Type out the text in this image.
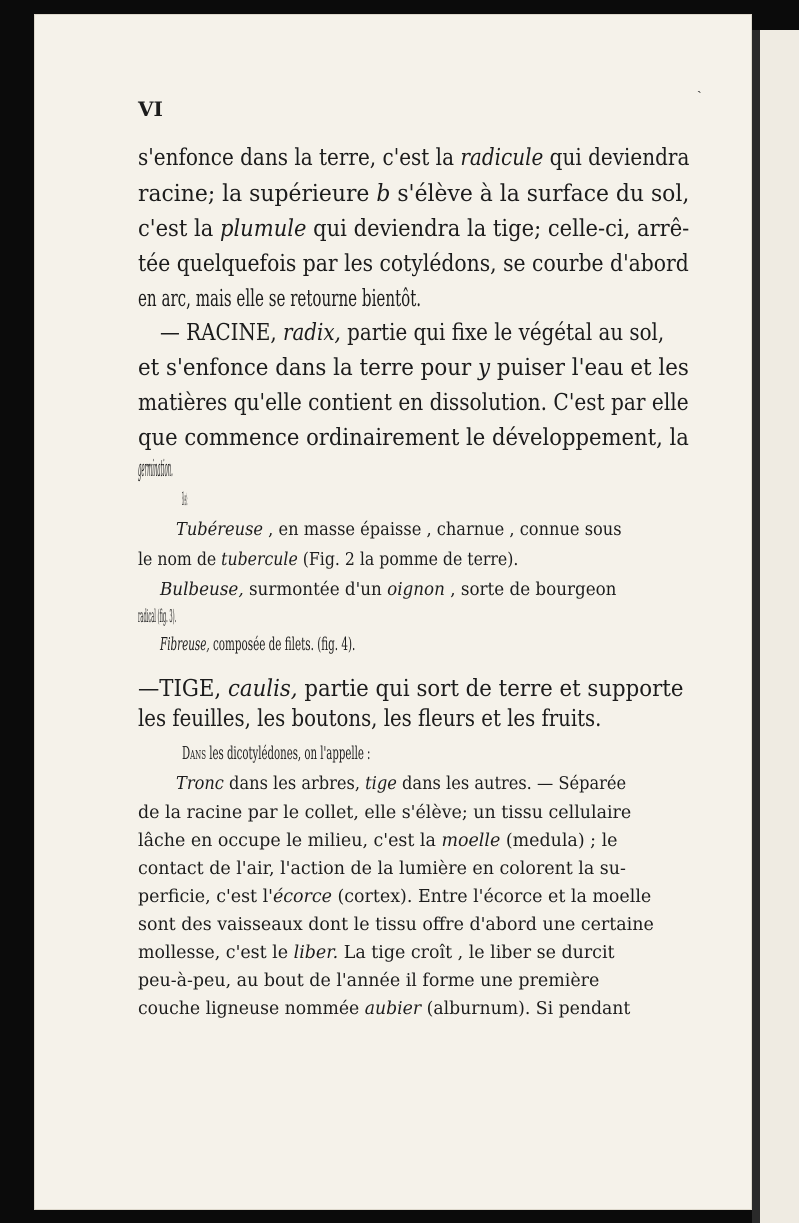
ˎ
VI
s'enfonce dans la terre, c'est la radicule qui deviendra
racine; la supérieure b s'élève à la surface du sol,
c'est la plumule qui deviendra la tige; celle-ci, arrê-
tée quelquefois par les cotylédons, se courbe d'abord
en arc, mais elle se retourne bientôt.
— RACINE, radix, partie qui fixe le végétal au sol,
et s'enfonce dans la terre pour y puiser l'eau et les
matières qu'elle contient en dissolution. C'est par elle
que commence ordinairement le développement, la
germination.
Elle est :
Tubéreuse , en masse épaisse , charnue , connue sous
le nom de tubercule (Fig. 2 la pomme de terre).
Bulbeuse, surmontée d'un oignon , sorte de bourgeon
radical (fig. 3).
Fibreuse, composée de filets. (fig. 4).
—TIGE, caulis, partie qui sort de terre et supporte
les feuilles, les boutons, les fleurs et les fruits.
Dans les dicotylédones, on l'appelle :
Tronc dans les arbres, tige dans les autres. — Séparée
de la racine par le collet, elle s'élève; un tissu cellulaire
lâche en occupe le milieu, c'est la moelle (medula) ; le
contact de l'air, l'action de la lumière en colorent la su-
perficie, c'est l'écorce (cortex). Entre l'écorce et la moelle
sont des vaisseaux dont le tissu offre d'abord une certaine
mollesse, c'est le liber. La tige croît , le liber se durcit
peu-à-peu, au bout de l'année il forme une première
couche ligneuse nommée aubier (alburnum). Si pendant
